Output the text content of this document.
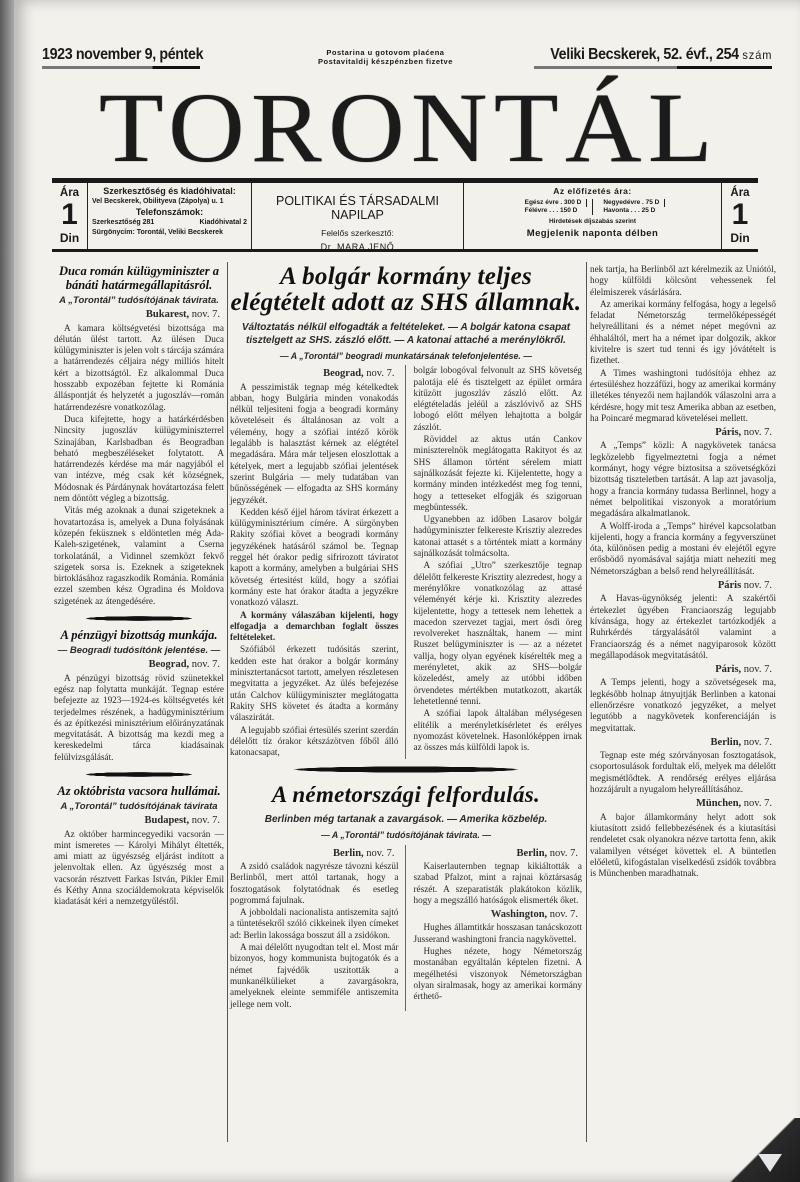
1923 november 9, péntek	Postarina u gotovom plaćena
Postavitaldij készpénzben fizetve	Veliki Becskerek, 52. évf., 254 szám
TORONTÁL
Ára
1
Din
Szerkesztőség és kiadóhivatal:
Vel Becskerek, Obilityeva (Zápolya) u. 1
Telefonszámok:
Szerkesztőség 281	Kiadóhivatal 2
Sürgönycím: Torontál, Veliki Becskerek
POLITIKAI ÉS TÁRSADALMI NAPILAP
Felelős szerkesztő:
Dr. MARA JENŐ
Az előfizetés ára:
Egész évre . 300 D
Félévre . . . 150 D
Negyedévre . 75 D
Havonta . . . 25 D
Hirdetések díjszabás szerint
Megjelenik naponta délben
Ára
1
Din
Duca román külügyminiszter a bánáti határmegállapitásról.
A „Torontál” tudósítójának távirata.
Bukarest, nov. 7.

A kamara költségvetési bizottsága ma délután ülést tartott. Az ülésen Duca külügyminiszter is jelen volt s tárcája számára a határrendezés céljaira négy milliós hitelt kért a bizottságtól. Ez alkalommal Duca hosszabb expozéban fejtette ki Románia álláspontját és helyzetét a jugoszláv—román határrendezésre vonatkozólag.

Duca kifejtette, hogy a határkérdésben Nincsity jugoszláv külügyminiszterrel Szinajában, Karlsbadban és Beogradban beható megbeszéléseket folytatott. A határrendezés kérdése ma már nagyjából el van intézve, még csak két községnek, Módosnak és Párdánynak hovátartozása felett nem döntött végleg a bizottság.

Vitás még azoknak a dunai szigeteknek a hovatartozása is, amelyek a Duna folyásának közepén feküsznek s eldöntetlen még Ada-Kaleh-szigetének, valamint a Cserna torkolatánál, a Vidinnel szemközt fekvő szigetek sorsa is. Ezeknek a szigeteknek birtoklásához ragaszkodik Románia. Románia ezzel szemben kész Ogradina és Moldova szigetének az átengedésére.

A pénzügyi bizottság munkája.
— Beogradi tudósítónk jelentése. —
Beograd, nov. 7.

A pénzügyi bizottság rövid szünetekkel egész nap folytatta munkáját. Tegnap estére befejezte az 1923—1924-es költségvetés két terjedelmes részének, a hadügyminisztérium és az építkezési minisztérium előirányzatának megvitatását. A bizottság ma kezdi meg a kereskedelmi tárca kiadásainak felülvizsgálását.

Az októbrista vacsora hullámai.
A „Torontál” tudósítójának távirata
Budapest, nov. 7.

Az október harmincegyediki vacsorán — mint ismeretes — Károlyi Mihályt éltették, ami miatt az ügyészség eljárást indított a jelenvoltak ellen. Az ügyészség most a vacsorán résztvett Farkas István, Pikler Emil és Kéthy Anna szociáldemokrata képviselők kiadatását kéri a nemzetgyűléstől.

A bolgár kormány teljes elégtételt adott az SHS államnak.
Változtatás nélkül elfogadták a feltételeket. — A bolgár katona csapat tisztelgett az SHS. zászló előtt. — A katonai attaché a merényl​ökről.
— A „Torontál” beogradi munkatársának telefonjelentése. —
Beograd, nov. 7.

A pesszimisták tegnap még kételkedtek abban, hogy Bulgária minden vonakodás nélkül teljesiteni fogja a beogradi kormány követeléseit és általánosan az volt a vélemény, hogy a szófiai intéző körök legalább is halasztást kérnek az elégtétel megadására. Mára már teljesen eloszlottak a kételyek, mert a legujabb szófiai jelentések szerint Bulgária — mely tudatában van bűnösségének — elfogadta az SHS kormány jegyzékét.

Kedden késő éjjel három távirat érkezett a külügyminisztérium címére. A sürgönyben Rakity szófiai követ a beogradi kormány jegyzékének hatásáról számol be. Tegnap reggel hét órakor pedig sifrirozott táviratot kapott a kormány, amelyben a bulgáriai SHS követség értesitést küld, hogy a szófiai kormány este hat órakor átadta a jegyzékre vonatkozó választ.

A kormány válaszában kijelenti, hogy elfogadja a demarchban foglalt összes feltételeket.

Szófiából érkezett tudósitás szerint, kedden este hat órakor a bolgár kormány minisztertanácsot tartott, amelyen részletesen megvitatta a jegyzéket. Az ülés befejezése után Calchov külügyminiszter meglátogatta Rakity SHS követet és átadta a kormány válaszirátát.

A legujabb szófiai értesülés szerint szerdán délelőtt tíz órakor kétszázötven főből álló katonacsapat,

bolgár lobogóval felvonult az SHS követség palotája elé és tisztelgett az épület ormára kitűzött jugoszláv zászló előtt. Az elégtételadás jeléül a zászlóvivő az SHS lobogó előtt mélyen lehajtotta a bolgár zászlót.

Röviddel az aktus után Cankov miniszterelnök meglátogatta Rakityot és az SHS államon történt sérelem miatt sajnálkozását fejezte ki. Kijelentette, hogy a kormány minden intézkedést meg fog tenni, hogy a tetteseket elfogják és szigoruan megbüntessék.

Ugyanebben az időben Lasarov bolgár hadügyminiszter felkereste Krisztiy alezredes katonai attasét s a történtek miatt a kormány sajnálkozását tolmácsolta.

A szófiai „Utro” szerkesztője tegnap délelőtt felkereste Krisztity alezredest, hogy a merénylőkre vonatkozólag az attasé véleményét kérje ki. Krisztity alezredes kijelentette, hogy a tettesek nem lehettek a macedon szervezet tagjai, mert ósdi öreg revolvereket használtak, hanem — mint Ruszet belügyminiszter is — az a nézetet vallja, hogy olyan egyének kísérelték meg a merényletet, akik az SHS—bolgár közeledést, amely az utóbbi időben örvendetes mértékben mutatkozott, akarták lehetetlenné tenni.

A szófiai lapok általában mélységesen elítélik a merényletkísérletet és erélyes nyomozást követelnek. Hasonlóképpen irnak az összes más külföldi lapok is.

A németországi felfordulás.
Berlinben még tartanak a zavargások. — Amerika közbelép.
— A „Torontál” tudósítójának távirata. —
Berlin, nov. 7.

A zsidó családok nagyrésze távozni készül Berlinből, mert attól tartanak, hogy a fosztogatások folytatódnak és esetleg pogrommá fajulnak.

A jobboldali nacionalista antiszemita sajtó a tüntetésekről szóló cikkeinek ilyen címeket ad: Berlin lakossága bosszut áll a zsidókon.

A mai délelőtt nyugodtan telt el. Most már bizonyos, hogy kommunista bujtogatók és a német fajvédők uszitották a munkanélkülieket a zavargásokra, amelyeknek eleinte semmiféle antiszemita jellege nem volt.

Berlin, nov. 7.

Kaiserlauternben tegnap kikiáltották a szabad Pfalzot, mint a rajnai köztársaság részét. A szeparatisták plakátokon közlik, hogy a megszálló hatóságok elismerték őket.

Washington, nov. 7.

Hughes államtitkár hosszasan tanácskozott Jusserand washingtoni francia nagykövettel.

Hughes nézete, hogy Németország mostanában egyáltalán képtelen fizetni. A megélhetési viszonyok Németországban olyan siralmasak, hogy az amerikai kormány érthető-

nek tartja, ha Berlinből azt kérelmezik az Uniótól, hogy külföldi kölcsönt vehessenek fel élelmiszerek vásárlására.

Az amerikai kormány felfogása, hogy a legelső feladat Németország termelőképességét helyreállitani és a német népet megóvni az éhhaláltól, mert ha a német ipar dolgozik, akkor kivitelre is szert tud tenni és igy jóvátételt is fizethet.

A Times washingtoni tudósítója ehhez az értesüléshez hozzáfűzi, hogy az amerikai kormány illetékes tényezői nem hajlandók válaszolni arra a kérdésre, hogy mit tesz Amerika abban az esetben, ha Poincaré megmarad követelései mellett.

Páris, nov. 7.

A „Temps” közli: A nagykövetek tanácsa legközelebb figyelmeztetni fogja a német kormányt, hogy végre biztositsa a szövetségközi bizottság tiszteletben tartását. A lap azt javasolja, hogy a francia kormány tudassa Berlinnel, hogy a német belpolitikai viszonyok a moratórium megadására alkalmatlanok.

A Wolff-iroda a „Temps” hirével kapcsolatban kijelenti, hogy a francia kormány a fegyverszünet óta, különösen pedig a mostani év elejétől egyre erősbödő nyomásával sajátja miatt nehezíti meg Németországban a belső rend helyreállítását.

Páris nov. 7.

A Havas-ügynökség jelenti: A szakértői értekezlet ügyében Franciaország legujabb kívánsága, hogy az értekezlet tartózkodjék a Ruhrkérdés tárgyalásától valamint a Franciaország és a német nagyiparosok között megállapodások megvitatásától.

Páris, nov. 7.

A Temps jelenti, hogy a szövetségesek ma, legkésőbb holnap átnyujtják Berlinben a katonai ellenőrzésre vonatkozó jegyzéket, a melyet legutóbb a nagykövetek konferenciáján is megvitattak.

Berlin, nov. 7.

Tegnap este még szórványosan fosztogatások, csoportosulások fordultak elő, melyek ma délelőtt megismétlődtek. A rendőrség erélyes eljárása hozzájárult a nyugalom helyreállításához.

München, nov. 7.

A bajor államkormány helyt adott sok kiutasított zsidó fellebbezésének és a kiutasítási rendeletet csak olyanokra nézve tartotta fenn, akik valamilyen vétséget követtek el. A büntetlen előéletű, kifogástalan viselkedésű zsidók továbbra is Münchenben maradhatnak.
